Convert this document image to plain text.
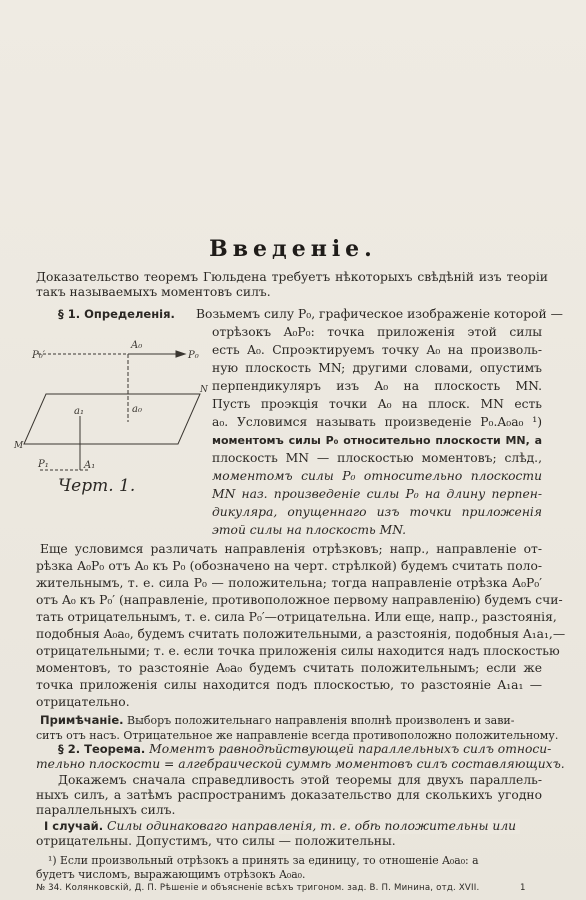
Введеніе.
Доказательство теоремъ Гюльдена требуетъ нѣкоторыхъ свѣдѣній изъ теоріи
такъ называемыхъ моментовъ силъ.
§ 1. Определенія. Возьмемъ силу P₀, графическое изображеніе которой —
отрѣзокъ A₀P₀: точка приложенія этой силы
есть A₀. Спроэктируемъ точку A₀ на произволь-
ную плоскость MN; другими словами, опустимъ
перпендикуляръ изъ A₀ на плоскость MN.
Пусть проэкція точки A₀ на плоск. MN есть
a₀. Условимся называть произведеніе P₀.A₀a₀ ¹)
моментомъ силы P₀ относительно плоскости MN, а
плоскость MN — плоскостью моментовъ; слѣд.,
моментомъ силы P₀ относительно плоскости
MN наз. произведеніе силы P₀ на длину перпен-
дикуляра, опущеннаго изъ точки приложенія
этой силы на плоскость MN.
P₀′
A₀
P₀
N
M
a₁	a₀
P₁	A₁
Черт. 1.
Еще условимся различать направленія отрѣзковъ; напр., направленіе от-
рѣзка A₀P₀ отъ A₀ къ P₀ (обозначено на черт. стрѣлкой) будемъ считать поло-
жительнымъ, т. е. сила P₀ — положительна; тогда направленіе отрѣзка A₀P₀′
отъ A₀ къ P₀′ (направленіе, противоположное первому направленію) будемъ счи-
тать отрицательнымъ, т. е. сила P₀′—отрицательна. Или еще, напр., разстоянія,
подобныя A₀a₀, будемъ считать положительными, а разстоянія, подобныя A₁a₁,—
отрицательными; т. е. если точка приложенія силы находится надъ плоскостью
моментовъ, то разстояніе A₀a₀ будемъ считать положительнымъ; если же
точка приложенія силы находится подъ плоскостью, то разстояніе A₁a₁ —
отрицательно.
Примѣчаніе. Выборъ положительнаго направленія вполнѣ произволенъ и зави-
ситъ отъ насъ. Отрицательное же направленіе всегда противоположно положительному.
§ 2. Теорема. Моментъ равнодѣйствующей параллельныхъ силъ относи-
тельно плоскости = алгебраической суммѣ моментовъ силъ составляющихъ.
Докажемъ сначала справедливость этой теоремы для двухъ параллель-
ныхъ силъ, а затѣмъ распространимъ доказательство для сколькихъ угодно
параллельныхъ силъ.
I случай. Силы одинаковаго направленія, т. е. обѣ положительны или
отрицательны. Допустимъ, что силы — положительны.
¹) Если произвольный отрѣзокъ a принять за единицу, то отношеніе A₀a₀: a
будетъ числомъ, выражающимъ отрѣзокъ A₀a₀.
№ 34. Колянковскій, Д. П. Рѣшеніе и объясненіе всѣхъ тригоном. зад. В. П. Минина, отд. XVII.	1
